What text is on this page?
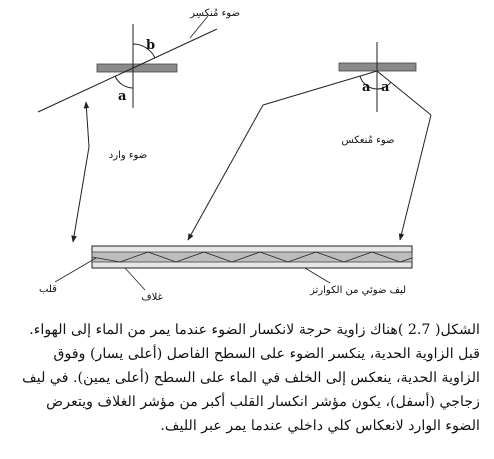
a
b
ضوء مُنكسِر
a a
ضوء وارد
ضوء مُنعكس
قلب
غلاف
ليف ضوئي من الكوارتز

الشكل( 2.7 )هناك زاوية حرجة لانكسار الضوء عندما يمر من الماء إلى الهواء.

قبل الزاوية الحدية، ينكسر الضوء على السطح الفاصل (أعلى يسار) وفوق

الزاوية الحدية، ينعكس إلى الخلف في الماء على السطح (أعلى يمين). في ليف

زجاجي (أسفل)، يكون مؤشر انكسار القلب أكبر من مؤشر الغلاف ويتعرض

الضوء الوارد لانعكاس كلي داخلي عندما يمر عبر الليف.
